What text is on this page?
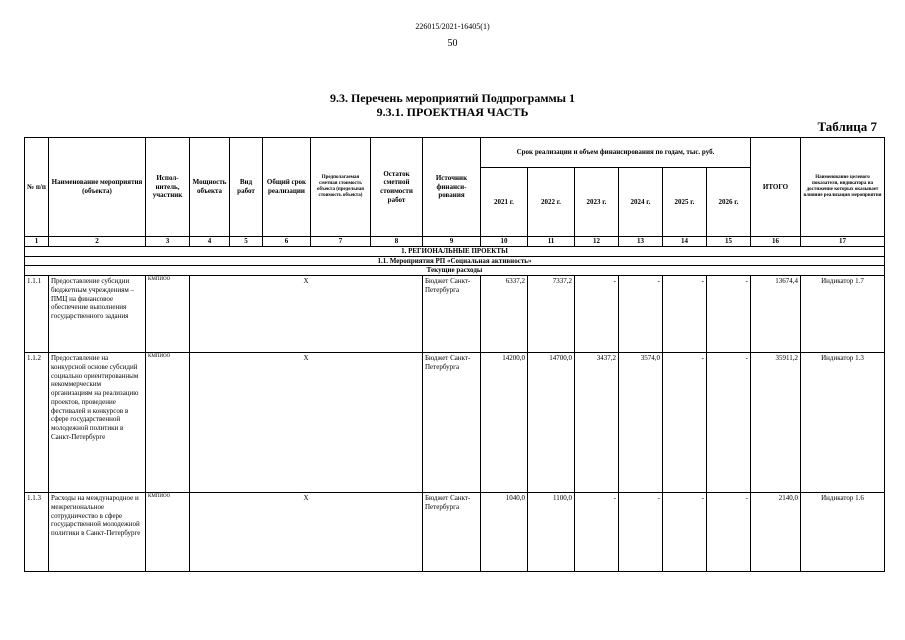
226015/2021-16405(1)
50
9.3. Перечень мероприятий Подпрограммы 1
9.3.1. ПРОЕКТНАЯ ЧАСТЬ
Таблица 7
№ п/п	Наименование мероприятия (объекта)	Испол-нитель, участник	Мощность объекта	Вид работ	Общий срок реализации	Предполагаемая сметная стоимость объекта (предельная стоимость объекта)	Остаток сметной стоимости работ	Источник финанси-рования	Срок реализации и объем финансирования по годам, тыс. руб.						ИТОГО	Наименование целевого показателя, индикатора на достижение которых оказывает влияние реализация мероприятия
									2021 г.	2022 г.	2023 г.	2024 г.	2025 г.	2026 г.		
1	2	3	4	5	6	7	8	9	10	11	12	13	14	15	16	17
1. РЕГИОНАЛЬНЫЕ ПРОЕКТЫ																
1.1. Мероприятия РП «Социальная активность»																
Текущие расходы																
1.1.1	Предоставление субсидии бюджетным учреждениям – ПМЦ на финансовое обеспечение выполнения государственного задания	КМПИОО	Х					Бюджет Санкт-Петербурга	6337,2	7337,2	-	-	-	-	13674,4	Индикатор 1.7
1.1.2	Предоставление на конкурсной основе субсидий социально ориентированным некоммерческим организациям на реализацию проектов, проведение фестивалей и конкурсов в сфере государственной молодежной политики в Санкт-Петербурге	КМПИОО	Х					Бюджет Санкт-Петербурга	14200,0	14700,0	3437,2	3574,0	-	-	35911,2	Индикатор 1.3
1.1.3	Расходы на международное и межрегиональное сотрудничество в сфере государственной молодежной политики в Санкт-Петербурге	КМПИОО	Х					Бюджет Санкт-Петербурга	1040,0	1100,0	-	-	-	-	2140,0	Индикатор 1.6
